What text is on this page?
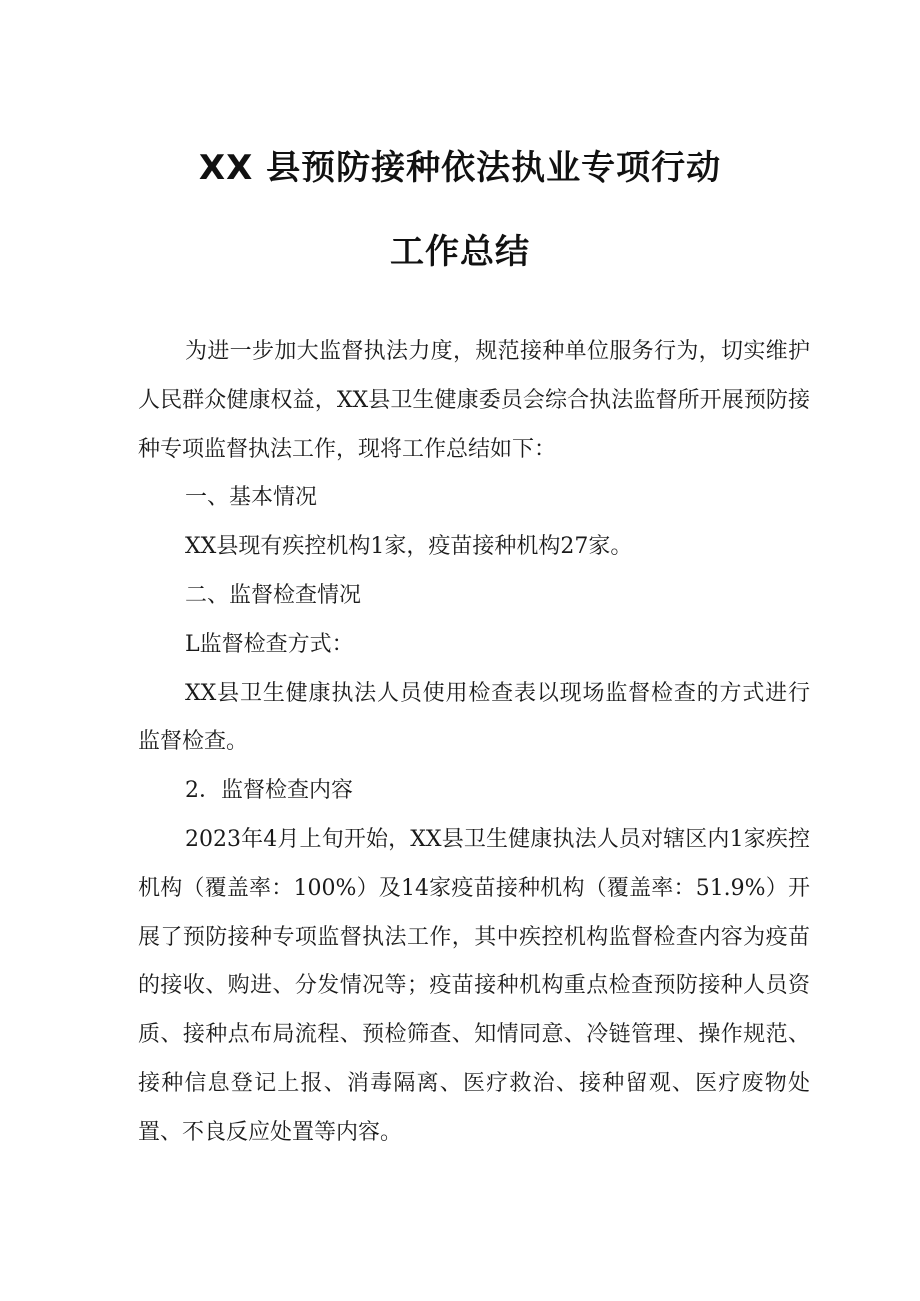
XX 县预防接种依法执业专项行动
工作总结

为进一步加大监督执法力度，规范接种单位服务行为，切实维护人民群众健康权益，XX县卫生健康委员会综合执法监督所开展预防接种专项监督执法工作，现将工作总结如下：

一、基本情况

XX县现有疾控机构1家，疫苗接种机构27家。

二、监督检查情况

L监督检查方式：

XX县卫生健康执法人员使用检查表以现场监督检查的方式进行监督检查。

2．监督检查内容

2023年4月上旬开始，XX县卫生健康执法人员对辖区内1家疾控机构（覆盖率：100%）及14家疫苗接种机构（覆盖率：51.9%）开展了预防接种专项监督执法工作，其中疾控机构监督检查内容为疫苗的接收、购进、分发情况等；疫苗接种机构重点检查预防接种人员资质、接种点布局流程、预检筛查、知情同意、冷链管理、操作规范、接种信息登记上报、消毒隔离、医疗救治、接种留观、医疗废物处置、不良反应处置等内容。
